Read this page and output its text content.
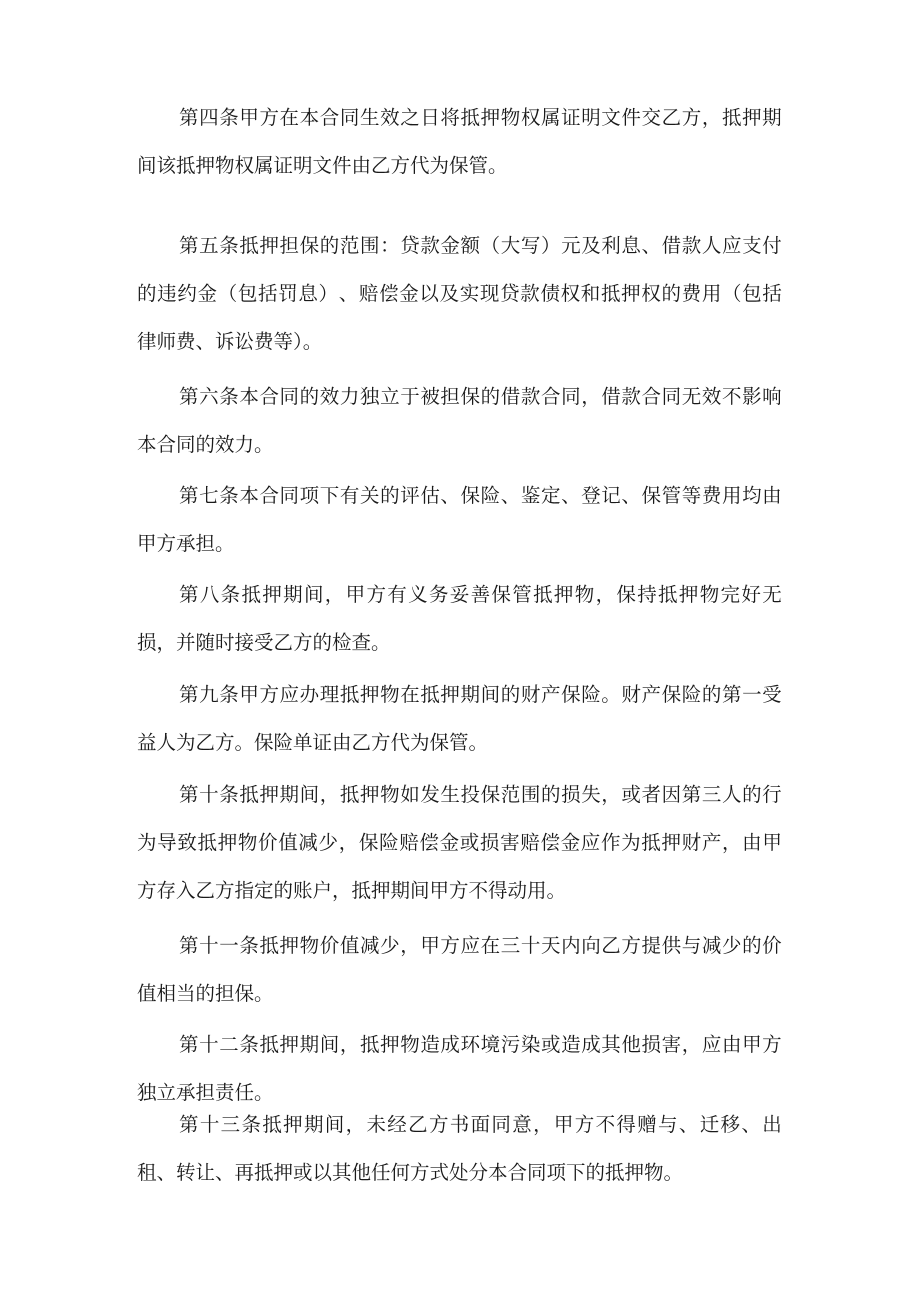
第 四 条 甲 方 在 本 合 同 生 效 之 日 将 抵 押 物 权 属 证 明 文 件 交 乙 方 ， 抵 押 期
间该抵押物权属证明文件由乙方代为保管。
第 五 条 抵 押 担 保 的 范 围 ： 贷 款 金 额 （ 大 写 ） 元 及 利 息 、 借 款 人 应 支 付
的 违 约 金 （ 包 括 罚 息 ） 、 赔 偿 金 以 及 实 现 贷 款 债 权 和 抵 押 权 的 费 用 （ 包 括
律师费、诉讼费等）。
第 六 条 本 合 同 的 效 力 独 立 于 被 担 保 的 借 款 合 同 ， 借 款 合 同 无 效 不 影 响
本合同的效力。
第 七 条 本 合 同 项 下 有 关 的 评 估 、 保 险 、 鉴 定 、 登 记 、 保 管 等 费 用 均 由
甲方承担。
第 八 条 抵 押 期 间 ， 甲 方 有 义 务 妥 善 保 管 抵 押 物 ， 保 持 抵 押 物 完 好 无
损，并随时接受乙方的检查。
第 九 条 甲 方 应 办 理 抵 押 物 在 抵 押 期 间 的 财 产 保 险 。 财 产 保 险 的 第 一 受
益人为乙方。保险单证由乙方代为保管。
第 十 条 抵 押 期 间 ， 抵 押 物 如 发 生 投 保 范 围 的 损 失 ， 或 者 因 第 三 人 的 行
为 导 致 抵 押 物 价 值 减 少 ， 保 险 赔 偿 金 或 损 害 赔 偿 金 应 作 为 抵 押 财 产 ， 由 甲
方存入乙方指定的账户，抵押期间甲方不得动用。
第 十 一 条 抵 押 物 价 值 减 少 ， 甲 方 应 在 三 十 天 内 向 乙 方 提 供 与 减 少 的 价
值相当的担保。
第 十 二 条 抵 押 期 间 ， 抵 押 物 造 成 环 境 污 染 或 造 成 其 他 损 害 ， 应 由 甲 方
独立承担责任。
第 十 三 条 抵 押 期 间 ， 未 经 乙 方 书 面 同 意 ， 甲 方 不 得 赠 与 、 迁 移 、 出
租、转让、再抵押或以其他任何方式处分本合同项下的抵押物。
